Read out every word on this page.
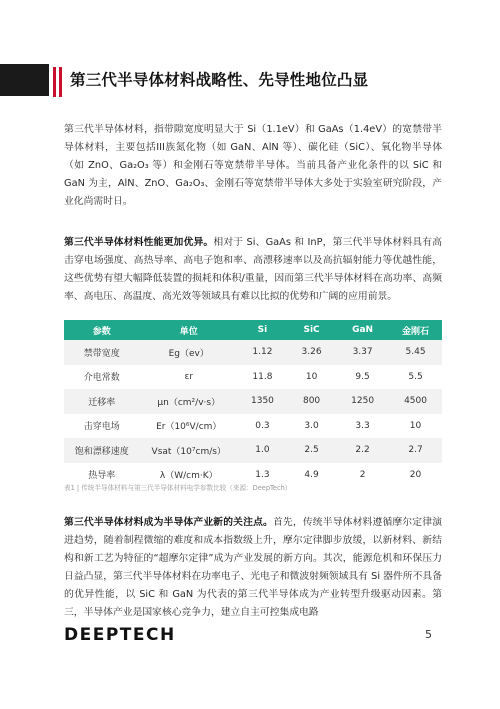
第三代半导体材料战略性、先导性地位凸显

第三代半导体材料，指带隙宽度明显大于 Si（1.1eV）和 GaAs（1.4eV）的宽禁带半导体材料，主要包括III族氮化物（如 GaN、AlN 等）、碳化硅（SiC）、氧化物半导体（如 ZnO、Ga₂O₃ 等）和金刚石等宽禁带半导体。当前具备产业化条件的以 SiC 和 GaN 为主，AlN、ZnO、Ga₂O₃、金刚石等宽禁带半导体大多处于实验室研究阶段，产业化尚需时日。

第三代半导体材料性能更加优异。相对于 Si、GaAs 和 InP，第三代半导体材料具有高击穿电场强度、高热导率、高电子饱和率、高漂移速率以及高抗辐射能力等优越性能，这些优势有望大幅降低装置的损耗和体积/重量，因而第三代半导体材料在高功率、高频率、高电压、高温度、高光效等领域具有难以比拟的优势和广阔的应用前景。

参数	单位	Si	SiC	GaN	金刚石
禁带宽度	Eg（ev）	1.12	3.26	3.37	5.45
介电常数	εr	11.8	10	9.5	5.5
迁移率	μn（cm²/v·s）	1350	800	1250	4500
击穿电场	Er（10⁶V/cm）	0.3	3.0	3.3	10
饱和漂移速度	Vsat（10⁷cm/s）	1.0	2.5	2.2	2.7
热导率	λ（W/cm·K）	1.3	4.9	2	20

表1 | 传统半导体材料与第三代半导体材料电学参数比较（来源：DeepTech）

第三代半导体材料成为半导体产业新的关注点。首先，传统半导体材料遵循摩尔定律演进趋势，随着制程微缩的难度和成本指数级上升，摩尔定律脚步放缓，以新材料、新结构和新工艺为特征的“超摩尔定律”成为产业发展的新方向。其次，能源危机和环保压力日益凸显，第三代半导体材料在功率电子、光电子和微波射频领域具有 Si 器件所不具备的优异性能，以 SiC 和 GaN 为代表的第三代半导体成为产业转型升级驱动因素。第三，半导体产业是国家核心竞争力，建立自主可控集成电路

DEEPTECH	5
